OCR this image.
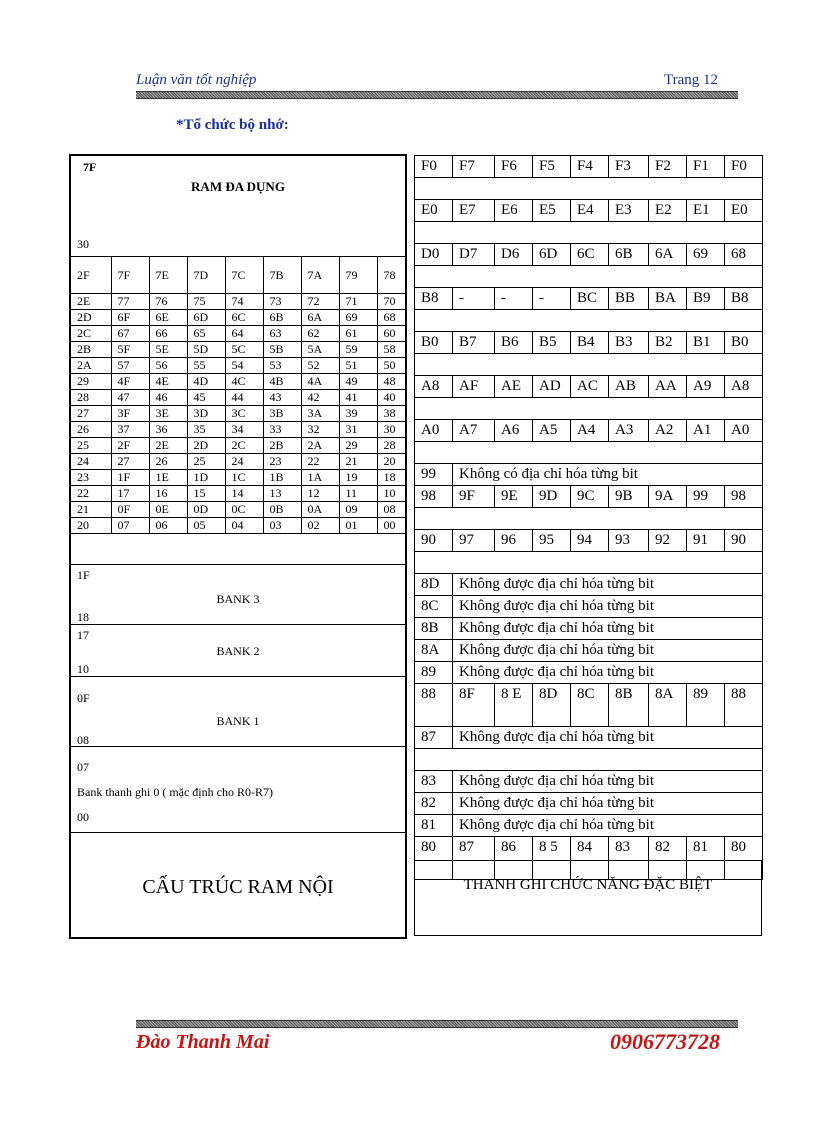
Luận văn tốt nghiệp	Trang 12
*Tổ chức bộ nhớ:
7F
RAM ĐA DỤNG
30
2F	7F	7E	7D	7C	7B	7A	79	78
2E	77	76	75	74	73	72	71	70
2D	6F	6E	6D	6C	6B	6A	69	68
2C	67	66	65	64	63	62	61	60
2B	5F	5E	5D	5C	5B	5A	59	58
2A	57	56	55	54	53	52	51	50
29	4F	4E	4D	4C	4B	4A	49	48
28	47	46	45	44	43	42	41	40
27	3F	3E	3D	3C	3B	3A	39	38
26	37	36	35	34	33	32	31	30
25	2F	2E	2D	2C	2B	2A	29	28
24	27	26	25	24	23	22	21	20
23	1F	1E	1D	1C	1B	1A	19	18
22	17	16	15	14	13	12	11	10
21	0F	0E	0D	0C	0B	0A	09	08
20	07	06	05	04	03	02	01	00
1F
BANK 3
18
17
BANK 2
10
0F
BANK 1
08
07
Bank thanh ghi 0 ( mặc định cho R0-R7)
00
CẤU TRÚC RAM NỘI
F0	F7	F6	F5	F4	F3	F2	F1	F0

E0	E7	E6	E5	E4	E3	E2	E1	E0

D0	D7	D6	6D	6C	6B	6A	69	68

B8	-	-	-	BC	BB	BA	B9	B8

B0	B7	B6	B5	B4	B3	B2	B1	B0

A8	AF	AE	AD	AC	AB	AA	A9	A8

A0	A7	A6	A5	A4	A3	A2	A1	A0

99	Không có địa chỉ hóa từng bit							
98	9F	9E	9D	9C	9B	9A	99	98

90	97	96	95	94	93	92	91	90

8D	Không được địa chỉ hóa từng bit							
8C	Không được địa chỉ hóa từng bit							
8B	Không được địa chỉ hóa từng bit							
8A	Không được địa chỉ hóa từng bit							
89	Không được địa chỉ hóa từng bit							
88	8F	8 E	8D	8C	8B	8A	89	88
87	Không được địa chỉ hóa từng bit							

83	Không được địa chỉ hóa từng bit							
82	Không được địa chỉ hóa từng bit							
81	Không được địa chỉ hóa từng bit							
80	87	86	8 5	84	83	82	81	80
THANH GHI CHỨC NĂNG ĐẶC BIỆT
Đào Thanh Mai	0906773728
